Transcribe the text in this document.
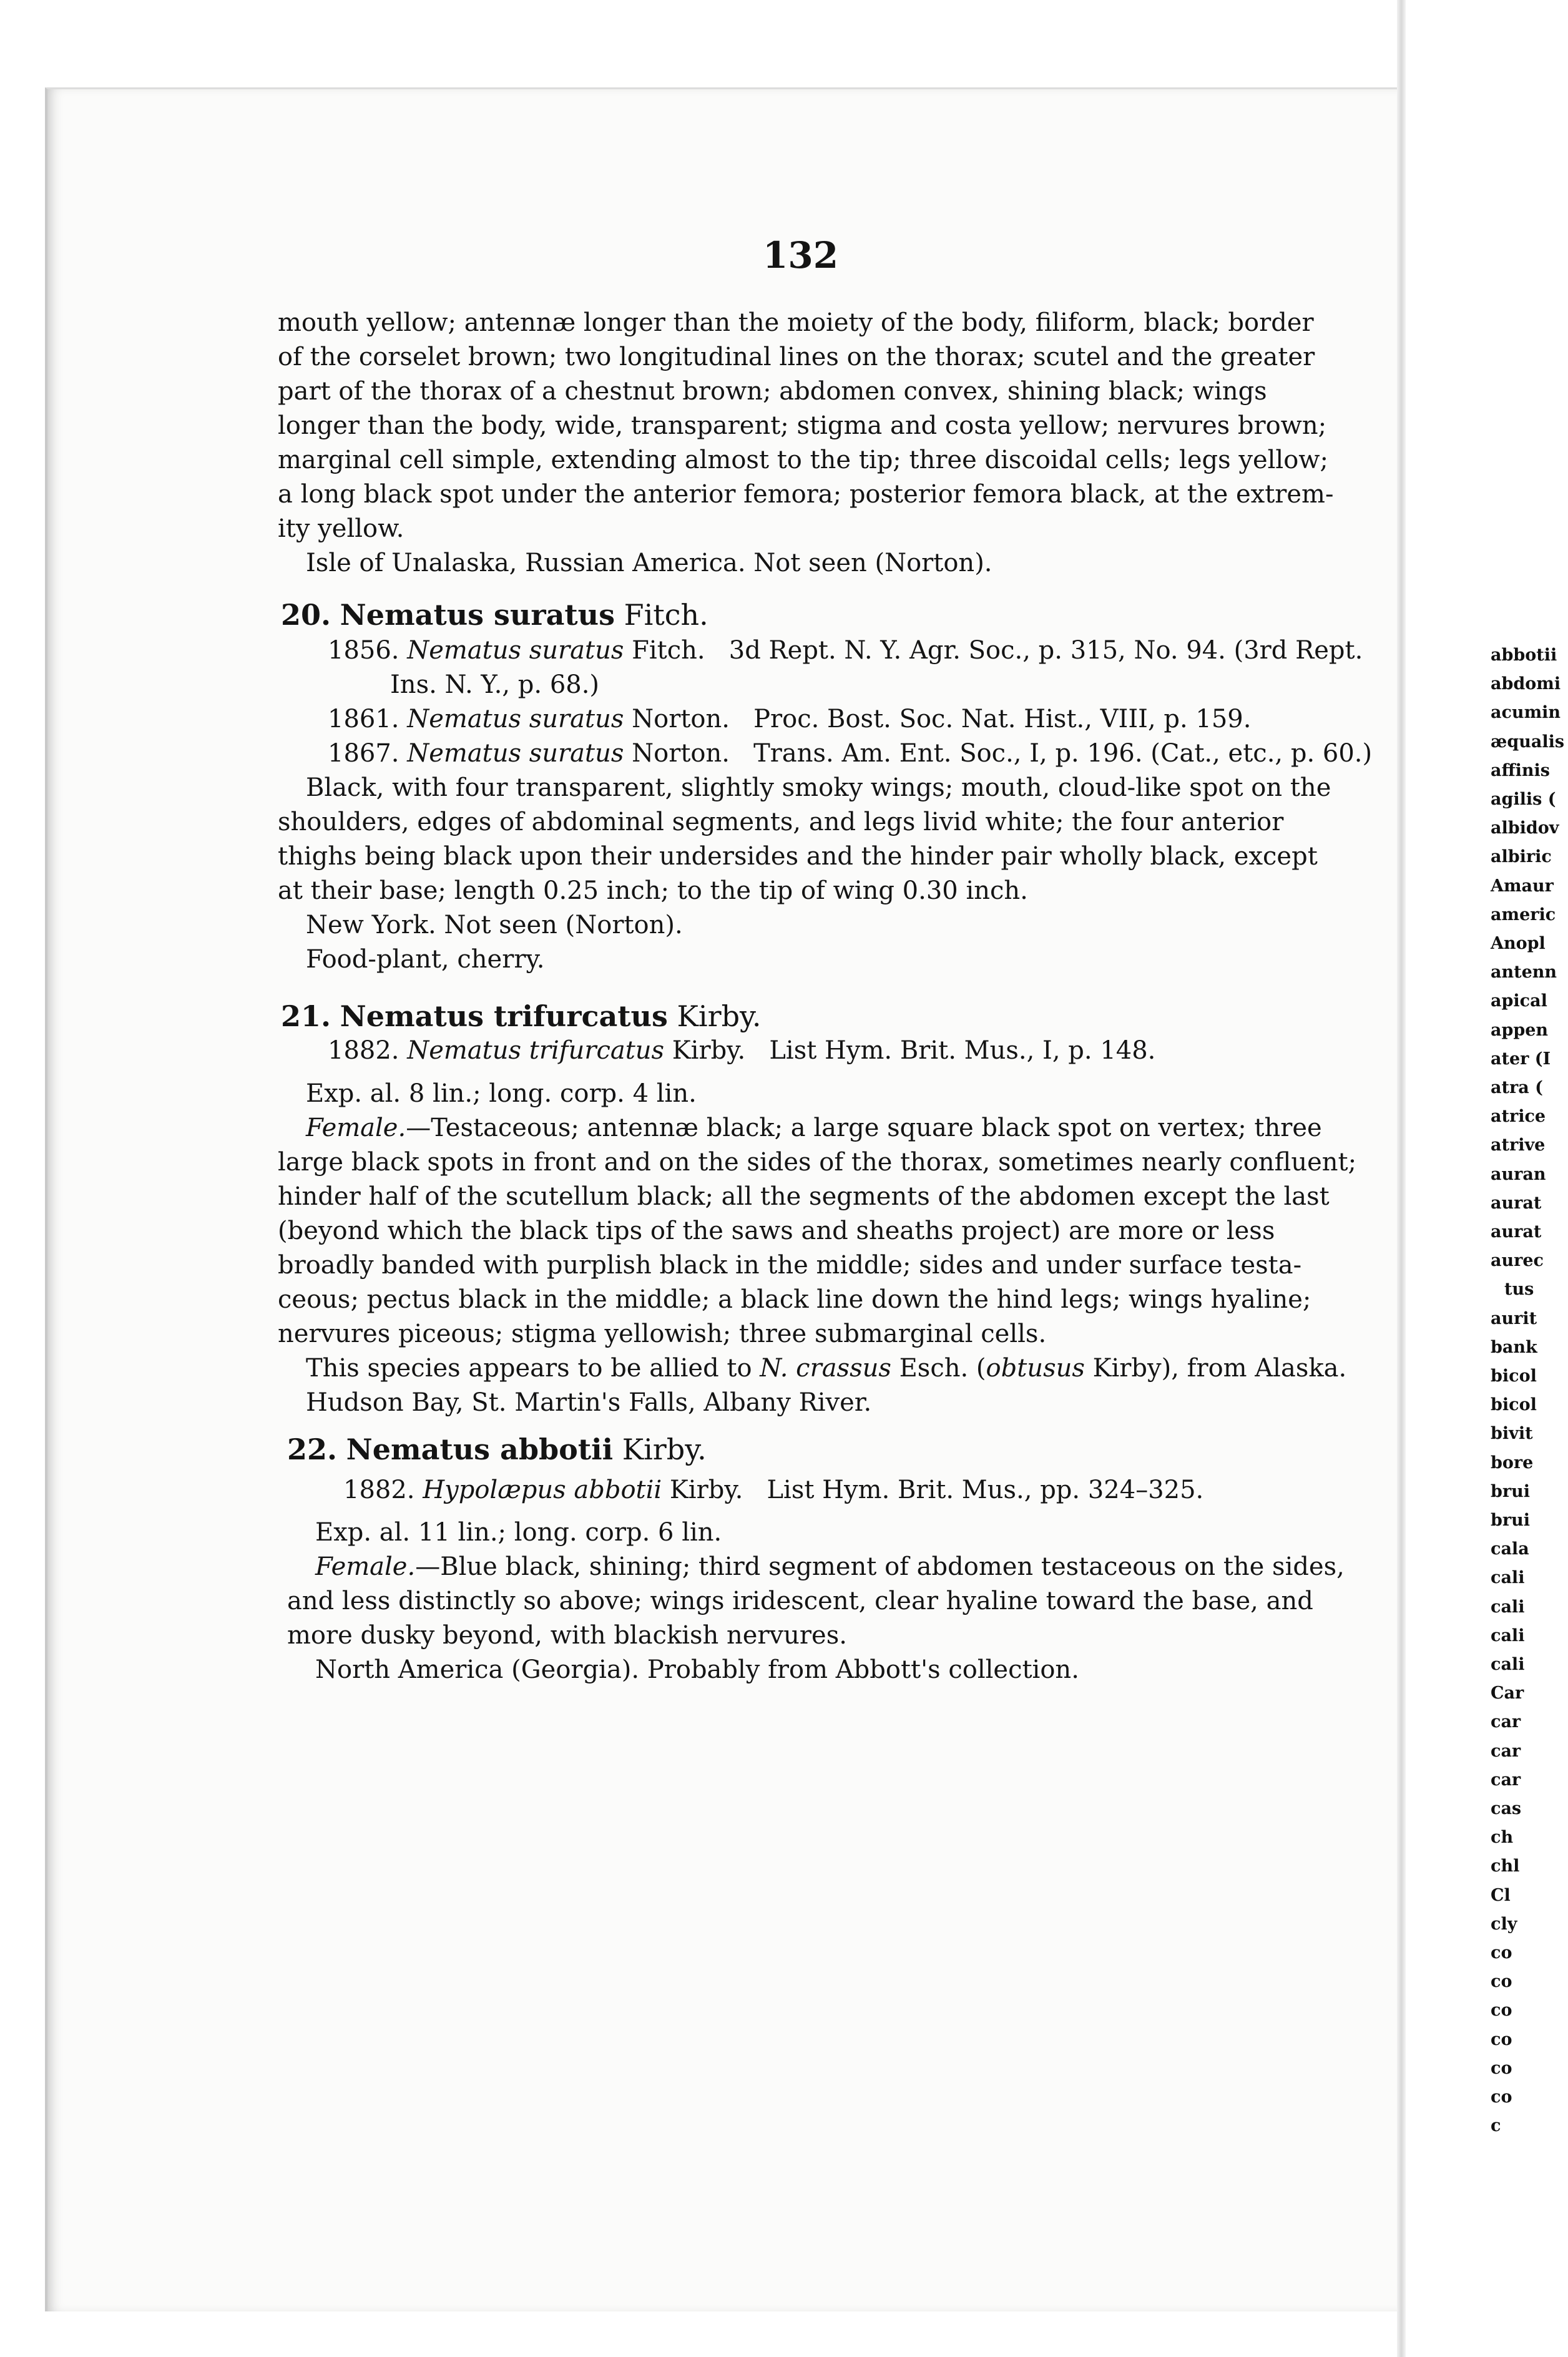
132
mouth yellow; antennæ longer than the moiety of the body, filiform, black; border
of the corselet brown; two longitudinal lines on the thorax; scutel and the greater
part of the thorax of a chestnut brown; abdomen convex, shining black; wings
longer than the body, wide, transparent; stigma and costa yellow; nervures brown;
marginal cell simple, extending almost to the tip; three discoidal cells; legs yellow;
a long black spot under the anterior femora; posterior femora black, at the extrem-
ity yellow.
Isle of Unalaska, Russian America. Not seen (Norton).
20. Nematus suratus Fitch.
1856. Nematus suratus Fitch. 3d Rept. N. Y. Agr. Soc., p. 315, No. 94. (3rd Rept.
Ins. N. Y., p. 68.)
1861. Nematus suratus Norton. Proc. Bost. Soc. Nat. Hist., VIII, p. 159.
1867. Nematus suratus Norton. Trans. Am. Ent. Soc., I, p. 196. (Cat., etc., p. 60.)
Black, with four transparent, slightly smoky wings; mouth, cloud-like spot on the
shoulders, edges of abdominal segments, and legs livid white; the four anterior
thighs being black upon their undersides and the hinder pair wholly black, except
at their base; length 0.25 inch; to the tip of wing 0.30 inch.
New York. Not seen (Norton).
Food-plant, cherry.
21. Nematus trifurcatus Kirby.
1882. Nematus trifurcatus Kirby. List Hym. Brit. Mus., I, p. 148.
Exp. al. 8 lin.; long. corp. 4 lin.
Female.—Testaceous; antennæ black; a large square black spot on vertex; three
large black spots in front and on the sides of the thorax, sometimes nearly confluent;
hinder half of the scutellum black; all the segments of the abdomen except the last
(beyond which the black tips of the saws and sheaths project) are more or less
broadly banded with purplish black in the middle; sides and under surface testa-
ceous; pectus black in the middle; a black line down the hind legs; wings hyaline;
nervures piceous; stigma yellowish; three submarginal cells.
This species appears to be allied to N. crassus Esch. (obtusus Kirby), from Alaska.
Hudson Bay, St. Martin's Falls, Albany River.
22. Nematus abbotii Kirby.
1882. Hypolæpus abbotii Kirby. List Hym. Brit. Mus., pp. 324–325.
Exp. al. 11 lin.; long. corp. 6 lin.
Female.—Blue black, shining; third segment of abdomen testaceous on the sides,
and less distinctly so above; wings iridescent, clear hyaline toward the base, and
more dusky beyond, with blackish nervures.
North America (Georgia). Probably from Abbott's collection.
abbotii
abdomi
acumin
æqualis
affinis
agilis (
albidov
albiric
Amaur
americ
Anopl
antenn
apical
appen
ater (I
atra (
atrice
atrive
auran
aurat
aurat
aurec
tus
aurit
bank
bicol
bicol
bivit
bore
brui
brui
cala
cali
cali
cali
cali
Car
car
car
car
cas
ch
chl
Cl
cly
co
co
co
co
co
co
c
